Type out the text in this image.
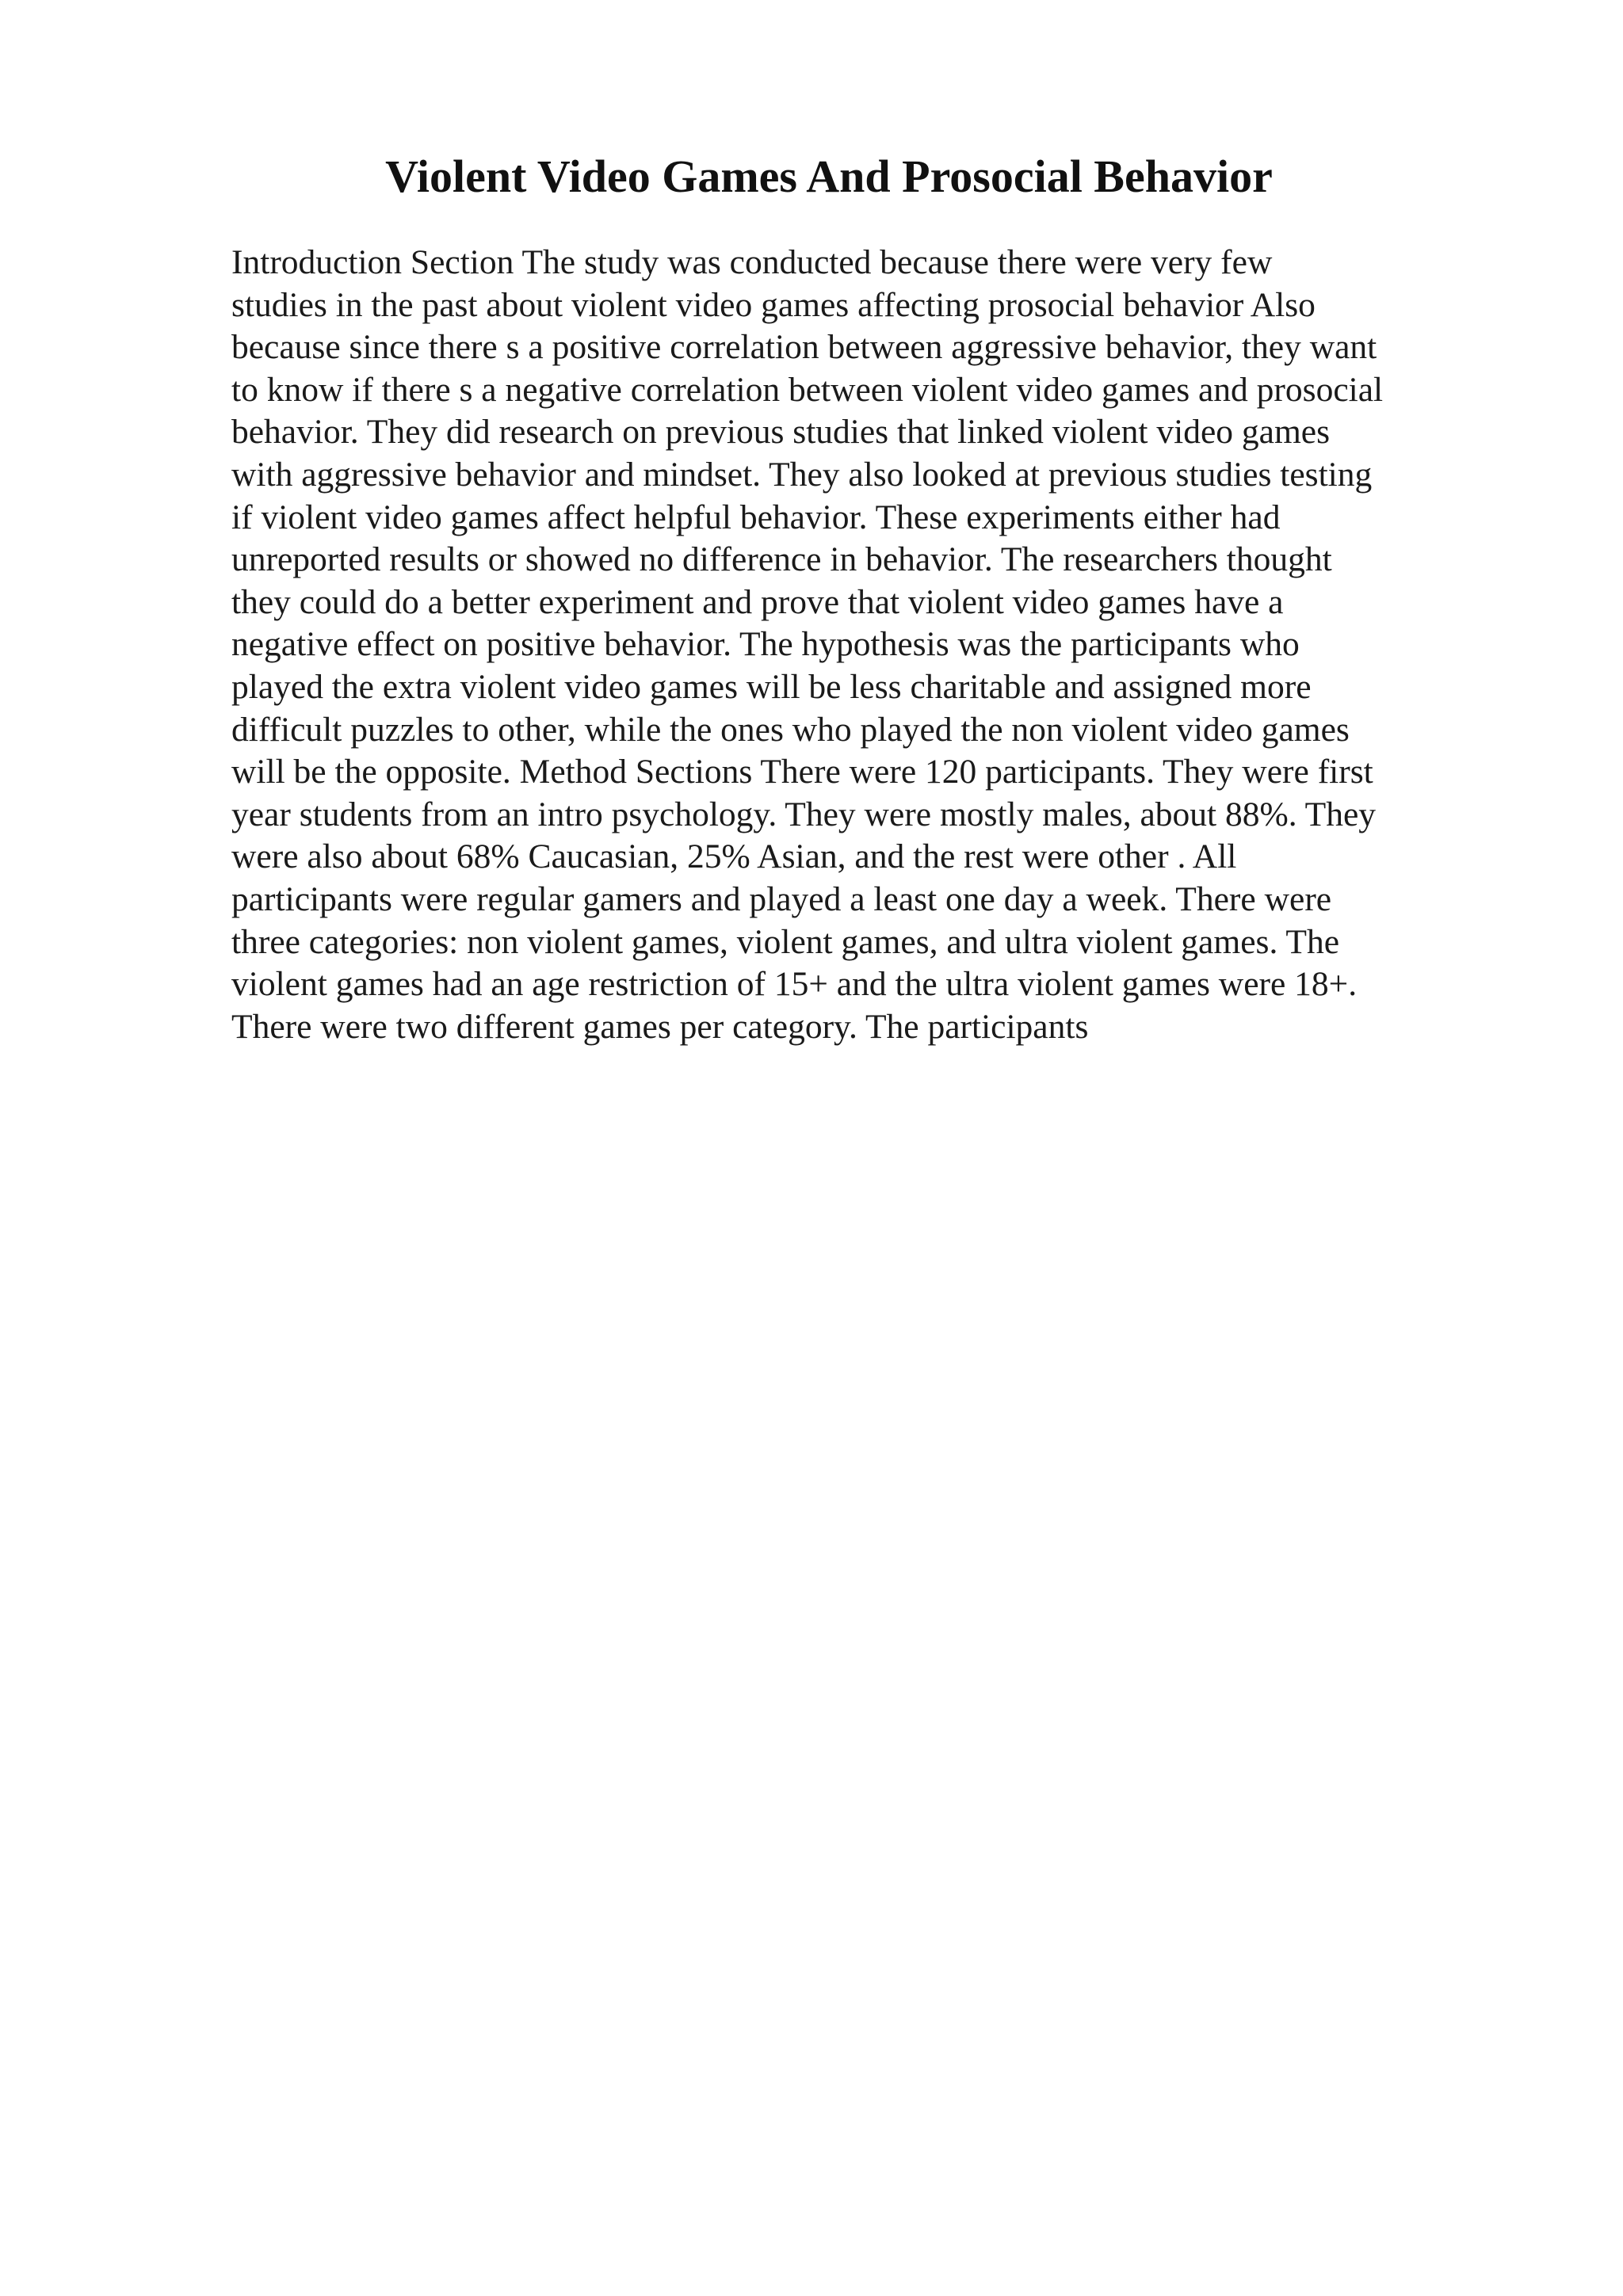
Violent Video Games And Prosocial Behavior
Introduction Section The study was conducted because there were very few
studies in the past about violent video games affecting prosocial behavior Also
because since there s a positive correlation between aggressive behavior, they want
to know if there s a negative correlation between violent video games and prosocial
behavior. They did research on previous studies that linked violent video games
with aggressive behavior and mindset. They also looked at previous studies testing
if violent video games affect helpful behavior. These experiments either had
unreported results or showed no difference in behavior. The researchers thought
they could do a better experiment and prove that violent video games have a
negative effect on positive behavior. The hypothesis was the participants who
played the extra violent video games will be less charitable and assigned more
difficult puzzles to other, while the ones who played the non violent video games
will be the opposite. Method Sections There were 120 participants. They were first
year students from an intro psychology. They were mostly males, about 88%. They
were also about 68% Caucasian, 25% Asian, and the rest were other . All
participants were regular gamers and played a least one day a week. There were
three categories: non violent games, violent games, and ultra violent games. The
violent games had an age restriction of 15+ and the ultra violent games were 18+.
There were two different games per category. The participants
